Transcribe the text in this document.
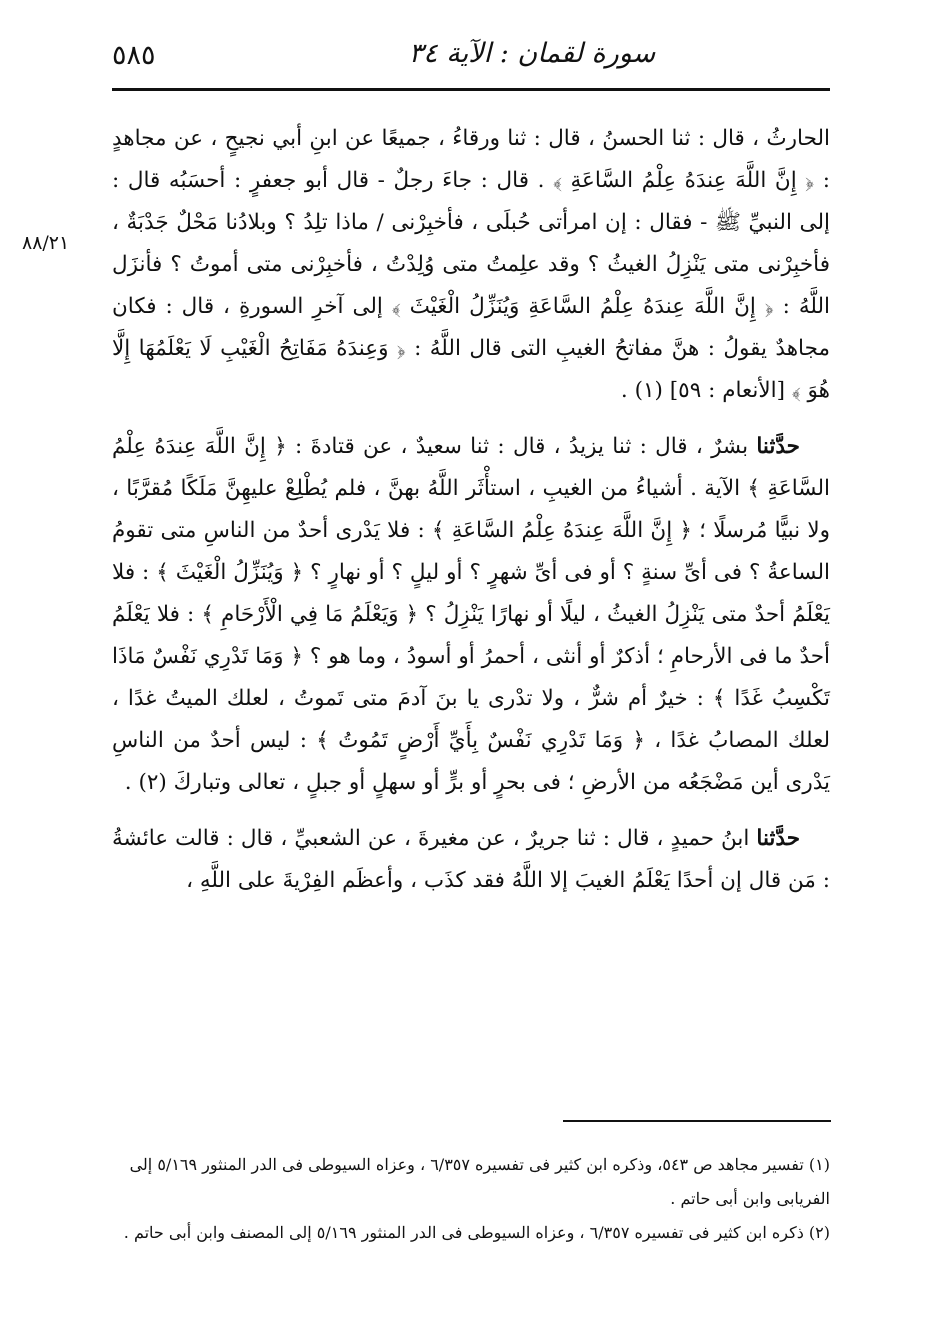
٥٨٥	سورة لقمان : الآية ٣٤
٨٨/٢١

الحارثُ ، قال : ثنا الحسنُ ، قال : ثنا ورقاءُ ، جميعًا عن ابنِ أبي نجيحٍ ، عن مجاهدٍ : ﴿ إِنَّ اللَّهَ عِندَهُ عِلْمُ السَّاعَةِ ﴾ . قال : جاءَ رجلٌ - قال أبو جعفرٍ : أحسَبُه قال : إلى النبيِّ ﷺ - فقال : إن امرأتى حُبلَى ، فأخبِرْنى / ماذا تلِدُ ؟ وبلادُنا مَحْلٌ جَدْبَةٌ ، فأخبِرْنى متى يَنْزِلُ الغيثُ ؟ وقد علِمتُ متى وُلِدْتُ ، فأخبِرْنى متى أموتُ ؟ فأنزَل اللَّهُ : ﴿ إِنَّ اللَّهَ عِندَهُ عِلْمُ السَّاعَةِ وَيُنَزِّلُ الْغَيْثَ ﴾ إلى آخرِ السورةِ ، قال : فكان مجاهدٌ يقولُ : هنَّ مفاتحُ الغيبِ التى قال اللَّهُ : ﴿ وَعِندَهُ مَفَاتِحُ الْغَيْبِ لَا يَعْلَمُهَا إِلَّا هُوَ ﴾ [الأنعام : ٥٩] (١) .

حدَّثنا بشرٌ ، قال : ثنا يزيدُ ، قال : ثنا سعيدٌ ، عن قتادةَ : ﴿ إِنَّ اللَّهَ عِندَهُ عِلْمُ السَّاعَةِ ﴾ الآية . أشياءُ من الغيبِ ، استأْثَر اللَّهُ بهنَّ ، فلم يُطْلِعْ عليهِنَّ مَلَكًا مُقرَّبًا ، ولا نبيًّا مُرسلًا ؛ ﴿ إِنَّ اللَّهَ عِندَهُ عِلْمُ السَّاعَةِ ﴾ : فلا يَدْرى أحدٌ من الناسِ متى تقومُ الساعةُ ؟ فى أىِّ سنةٍ ؟ أو فى أىِّ شهرٍ ؟ أو ليلٍ ؟ أو نهارٍ ؟ ﴿ وَيُنَزِّلُ الْغَيْثَ ﴾ : فلا يَعْلَمُ أحدٌ متى يَنْزِلُ الغيثُ ، ليلًا أو نهارًا يَنْزِلُ ؟ ﴿ وَيَعْلَمُ مَا فِي الْأَرْحَامِ ﴾ : فلا يَعْلَمُ أحدٌ ما فى الأرحامِ ؛ أذكرٌ أو أنثى ، أحمرُ أو أسودُ ، وما هو ؟ ﴿ وَمَا تَدْرِي نَفْسٌ مَاذَا تَكْسِبُ غَدًا ﴾ : خيرٌ أم شرٌّ ، ولا تدْرى يا بنَ آدمَ متى تَموتُ ، لعلك الميتُ غدًا ، لعلك المصابُ غدًا ، ﴿ وَمَا تَدْرِي نَفْسٌ بِأَيِّ أَرْضٍ تَمُوتُ ﴾ : ليس أحدٌ من الناسِ يَدْرى أين مَضْجَعُه من الأرضِ ؛ فى بحرٍ أو برٍّ أو سهلٍ أو جبلٍ ، تعالى وتباركَ (٢) .

حدَّثنا ابنُ حميدٍ ، قال : ثنا جريرٌ ، عن مغيرةَ ، عن الشعبيِّ ، قال : قالت عائشةُ : مَن قال إن أحدًا يَعْلَمُ الغيبَ إلا اللَّهُ فقد كذَب ، وأعظَم الفِرْيةَ على اللَّهِ ،

(١) تفسير مجاهد ص ٥٤٣، وذكره ابن كثير فى تفسيره ٦/٣٥٧ ، وعزاه السيوطى فى الدر المنثور ٥/١٦٩ إلى الفريابى وابن أبى حاتم .

(٢) ذكره ابن كثير فى تفسيره ٦/٣٥٧ ، وعزاه السيوطى فى الدر المنثور ٥/١٦٩ إلى المصنف وابن أبى حاتم .
